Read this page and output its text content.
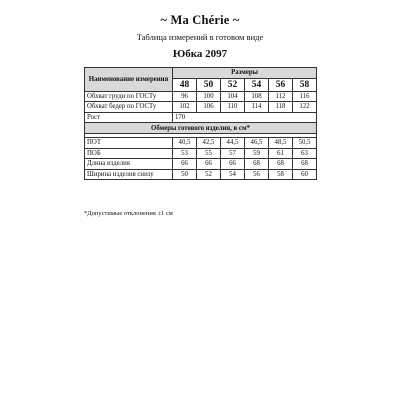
~ Ma Chérie ~
Таблица измерений в готовом виде
Юбка 2097
Наименование измерения	Размеры					
	48	50	52	54	56	58
Обхват груди по ГОСТу	96	100	104	108	112	116
Обхват бедер по ГОСТу	102	106	110	114	118	122
Рост	170					
Обмеры готового изделия, в см*						

ПОТ	40,5	42,5	44,5	46,5	48,5	50,5
ПОБ	53	55	57	59	61	63
Длина изделия	66	66	66	68	68	68
Ширина изделия снизу	50	52	54	56	58	60
*Допустимые отклонения ±1 см
